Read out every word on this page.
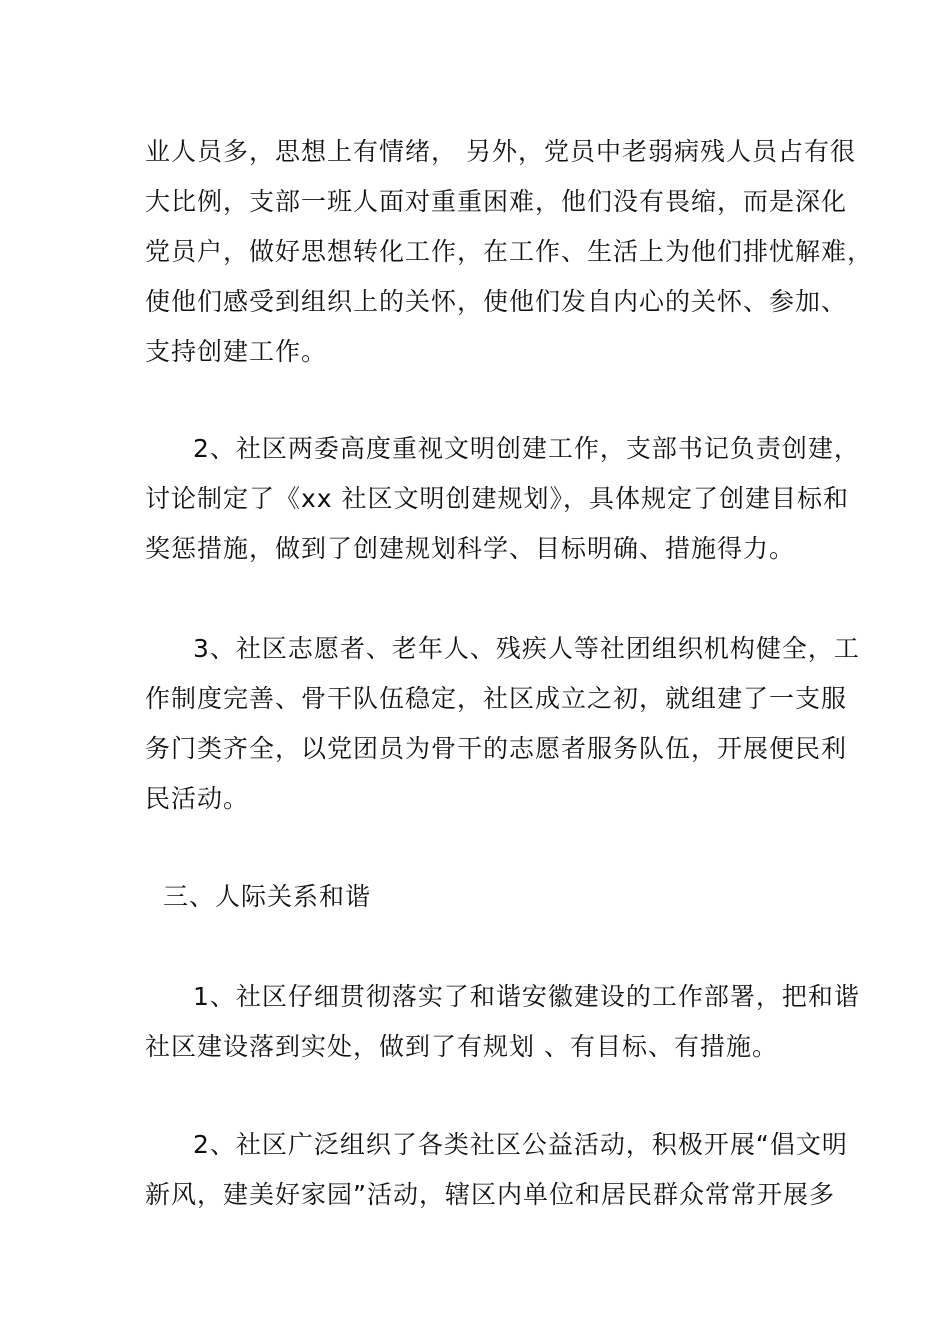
业人员多，思想上有情绪， 另外，党员中老弱病残人员占有很
大比例，支部一班人面对重重困难，他们没有畏缩，而是深化
党员户，做好思想转化工作，在工作、生活上为他们排忧解难，
使他们感受到组织上的关怀，使他们发自内心的关怀、参加、
支持创建工作。
2、社区两委高度重视文明创建工作，支部书记负责创建，
讨论制定了《xx 社区文明创建规划》，具体规定了创建目标和
奖惩措施，做到了创建规划科学、目标明确、措施得力。
3、社区志愿者、老年人、残疾人等社团组织机构健全，工
作制度完善、骨干队伍稳定，社区成立之初，就组建了一支服
务门类齐全，以党团员为骨干的志愿者服务队伍，开展便民利
民活动。
三、人际关系和谐
1、社区仔细贯彻落实了和谐安徽建设的工作部署，把和谐
社区建设落到实处，做到了有规划 、有目标、有措施。
2、社区广泛组织了各类社区公益活动，积极开展“倡文明
新风，建美好家园”活动，辖区内单位和居民群众常常开展多
